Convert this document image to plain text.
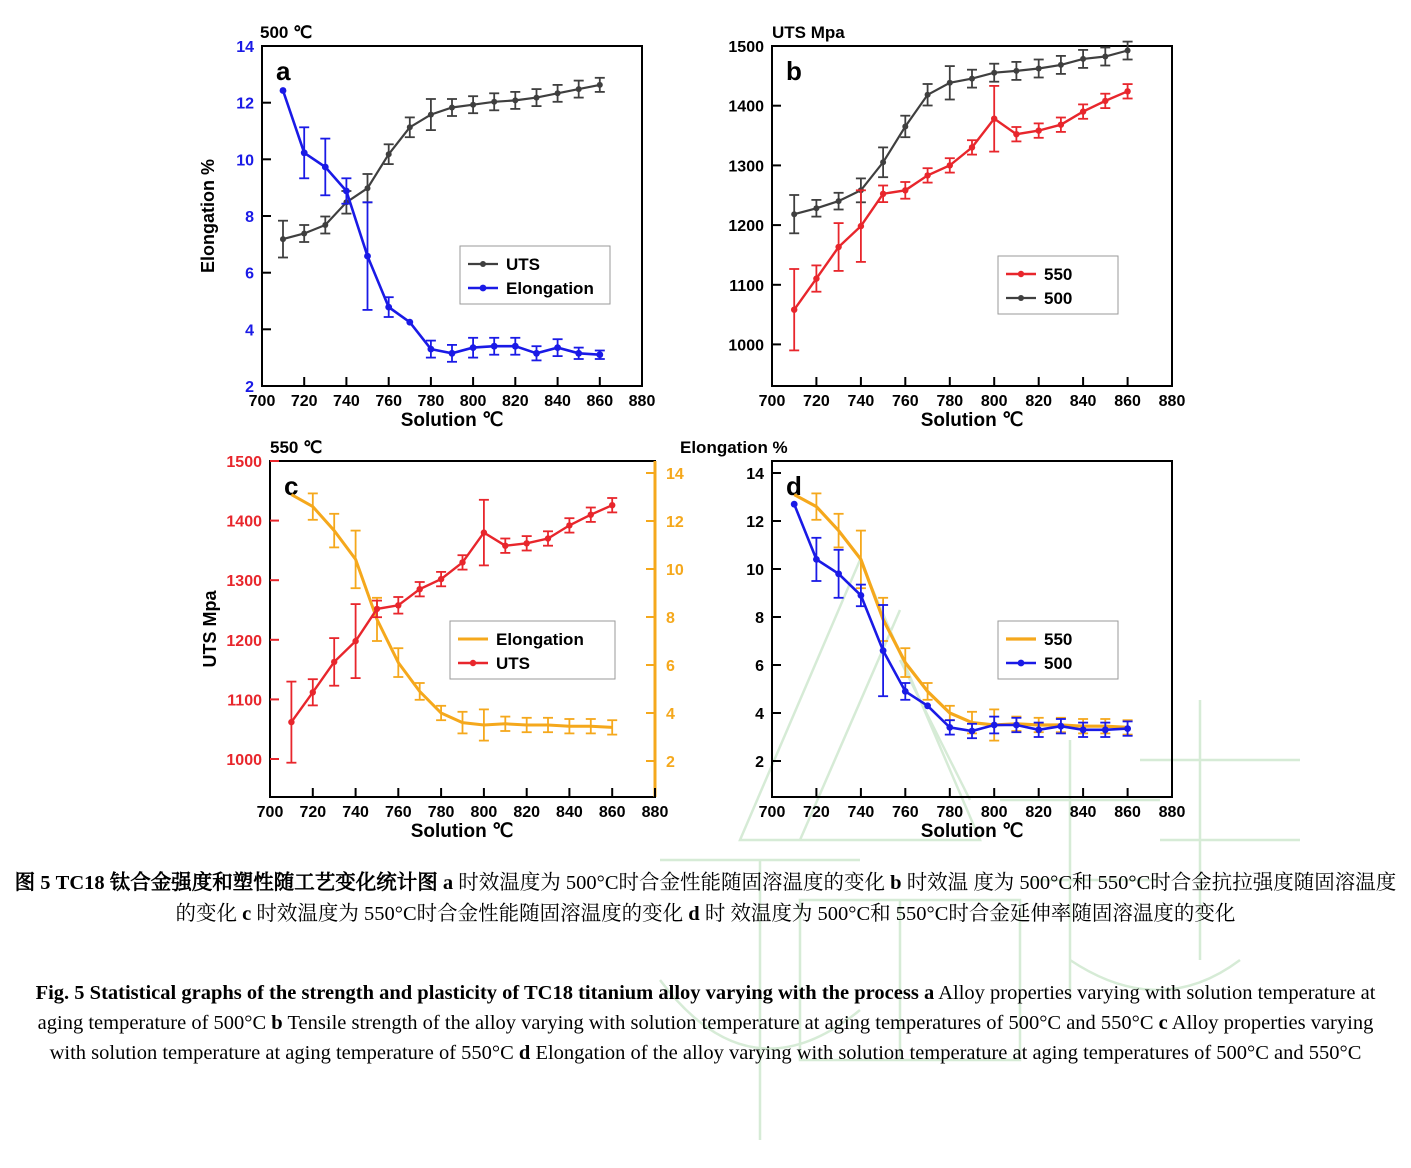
500 ℃
14
12
10
8
6
4
2
700 720 740 760 780 800 820 840 860 880
a
Elongation %
Solution ℃
UTS
Elongation
UTS Mpa
1500
1400
1300
1200
1100
1000
700 720 740 760 780 800 820 840 860 880
b
Solution ℃
550
500
550 ℃
1500
1400
1300
1200
1100
1000
14
12
10
8
6
4
2
700 720 740 760 780 800 820 840 860 880
c
UTS Mpa
Solution ℃
Elongation
UTS
Elongation %
14
12
10
8
6
4
2
700 720 740 760 780 800 820 840 860 880
d
Solution ℃
550
500
图 5 TC18 钛合金强度和塑性随工艺变化统计图 a 时效温度为 500°C时合金性能随固溶温度的变化 b 时效温 度为 500°C和 550°C时合金抗拉强度随固溶温度的变化 c 时效温度为 550°C时合金性能随固溶温度的变化 d 时 效温度为 500°C和 550°C时合金延伸率随固溶温度的变化
Fig. 5 Statistical graphs of the strength and plasticity of TC18 titanium alloy varying with the process a Alloy properties varying with solution temperature at aging temperature of 500°C b Tensile strength of the alloy varying with solution temperature at aging temperatures of 500°C and 550°C c Alloy properties varying with solution temperature at aging temperature of 550°C d Elongation of the alloy varying with solution temperature at aging temperatures of 500°C and 550°C
